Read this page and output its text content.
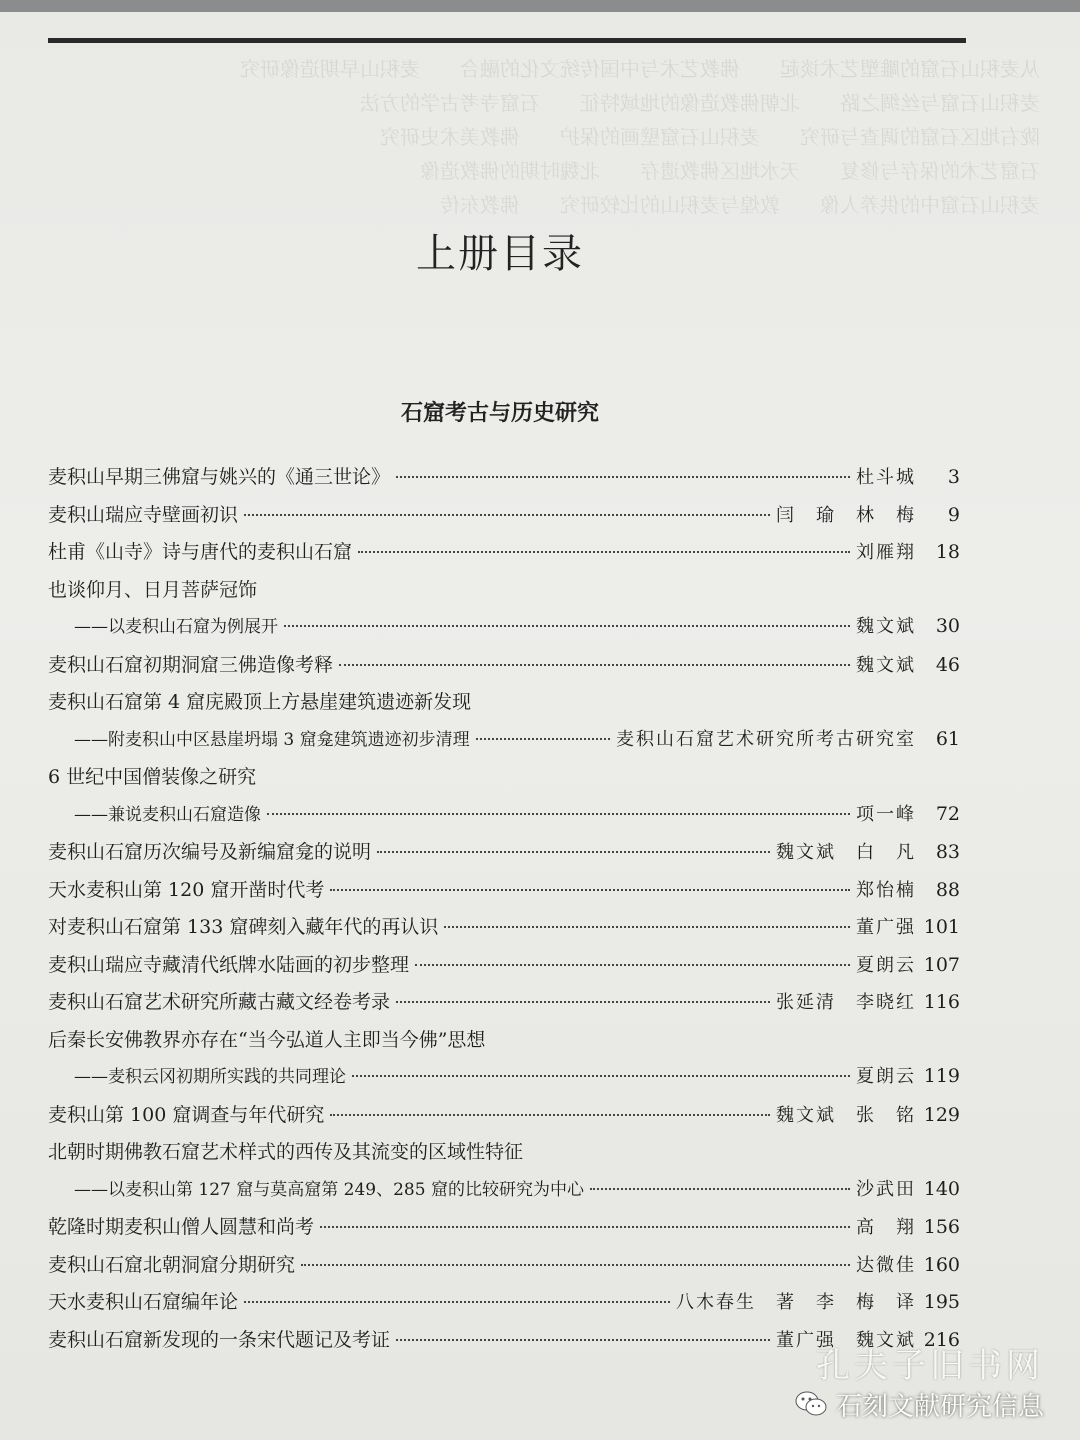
从麦积山石窟的雕塑艺术谈起　　佛教艺术与中国传统文化的融合　　麦积山早期造像研究
麦积山石窟与丝绸之路　　北朝佛教造像的地域特征　　石窟寺考古学的方法
陇右地区石窟的调查与研究　　麦积山石窟壁画的保护　　佛教美术史研究
石窟艺术的保存与修复　　天水地区佛教遗存　　北魏时期的佛教造像
麦积山石窟中的供养人像　　敦煌与麦积山的比较研究　　佛教东传
上册目录
石窟考古与历史研究
麦积山早期三佛窟与姚兴的《通三世论》	杜斗城	3
麦积山瑞应寺壁画初识	闫　瑜　林　梅	9
杜甫《山寺》诗与唐代的麦积山石窟	刘雁翔	18
也谈仰月、日月菩萨冠饰
——以麦积山石窟为例展开	魏文斌	30
麦积山石窟初期洞窟三佛造像考释	魏文斌	46
麦积山石窟第 4 窟庑殿顶上方悬崖建筑遗迹新发现
——附麦积山中区悬崖坍塌 3 窟龛建筑遗迹初步清理	麦积山石窟艺术研究所考古研究室	61
6 世纪中国僧装像之研究
——兼说麦积山石窟造像	项一峰	72
麦积山石窟历次编号及新编窟龛的说明	魏文斌　白　凡	83
天水麦积山第 120 窟开凿时代考	郑怡楠	88
对麦积山石窟第 133 窟碑刻入藏年代的再认识	董广强 101
麦积山瑞应寺藏清代纸牌水陆画的初步整理	夏朗云 107
麦积山石窟艺术研究所藏古藏文经卷考录	张延清　李晓红 116
后秦长安佛教界亦存在“当今弘道人主即当今佛”思想
——麦积云冈初期所实践的共同理论	夏朗云 119
麦积山第 100 窟调查与年代研究	魏文斌　张　铭 129
北朝时期佛教石窟艺术样式的西传及其流变的区域性特征
——以麦积山第 127 窟与莫高窟第 249、285 窟的比较研究为中心	沙武田 140
乾隆时期麦积山僧人圆慧和尚考	高　翔 156
麦积山石窟北朝洞窟分期研究	达微佳 160
天水麦积山石窟编年论	八木春生　著　李　梅　译 195
麦积山石窟新发现的一条宋代题记及考证	董广强　魏文斌 216
孔夫子旧书网
石刻文献研究信息
